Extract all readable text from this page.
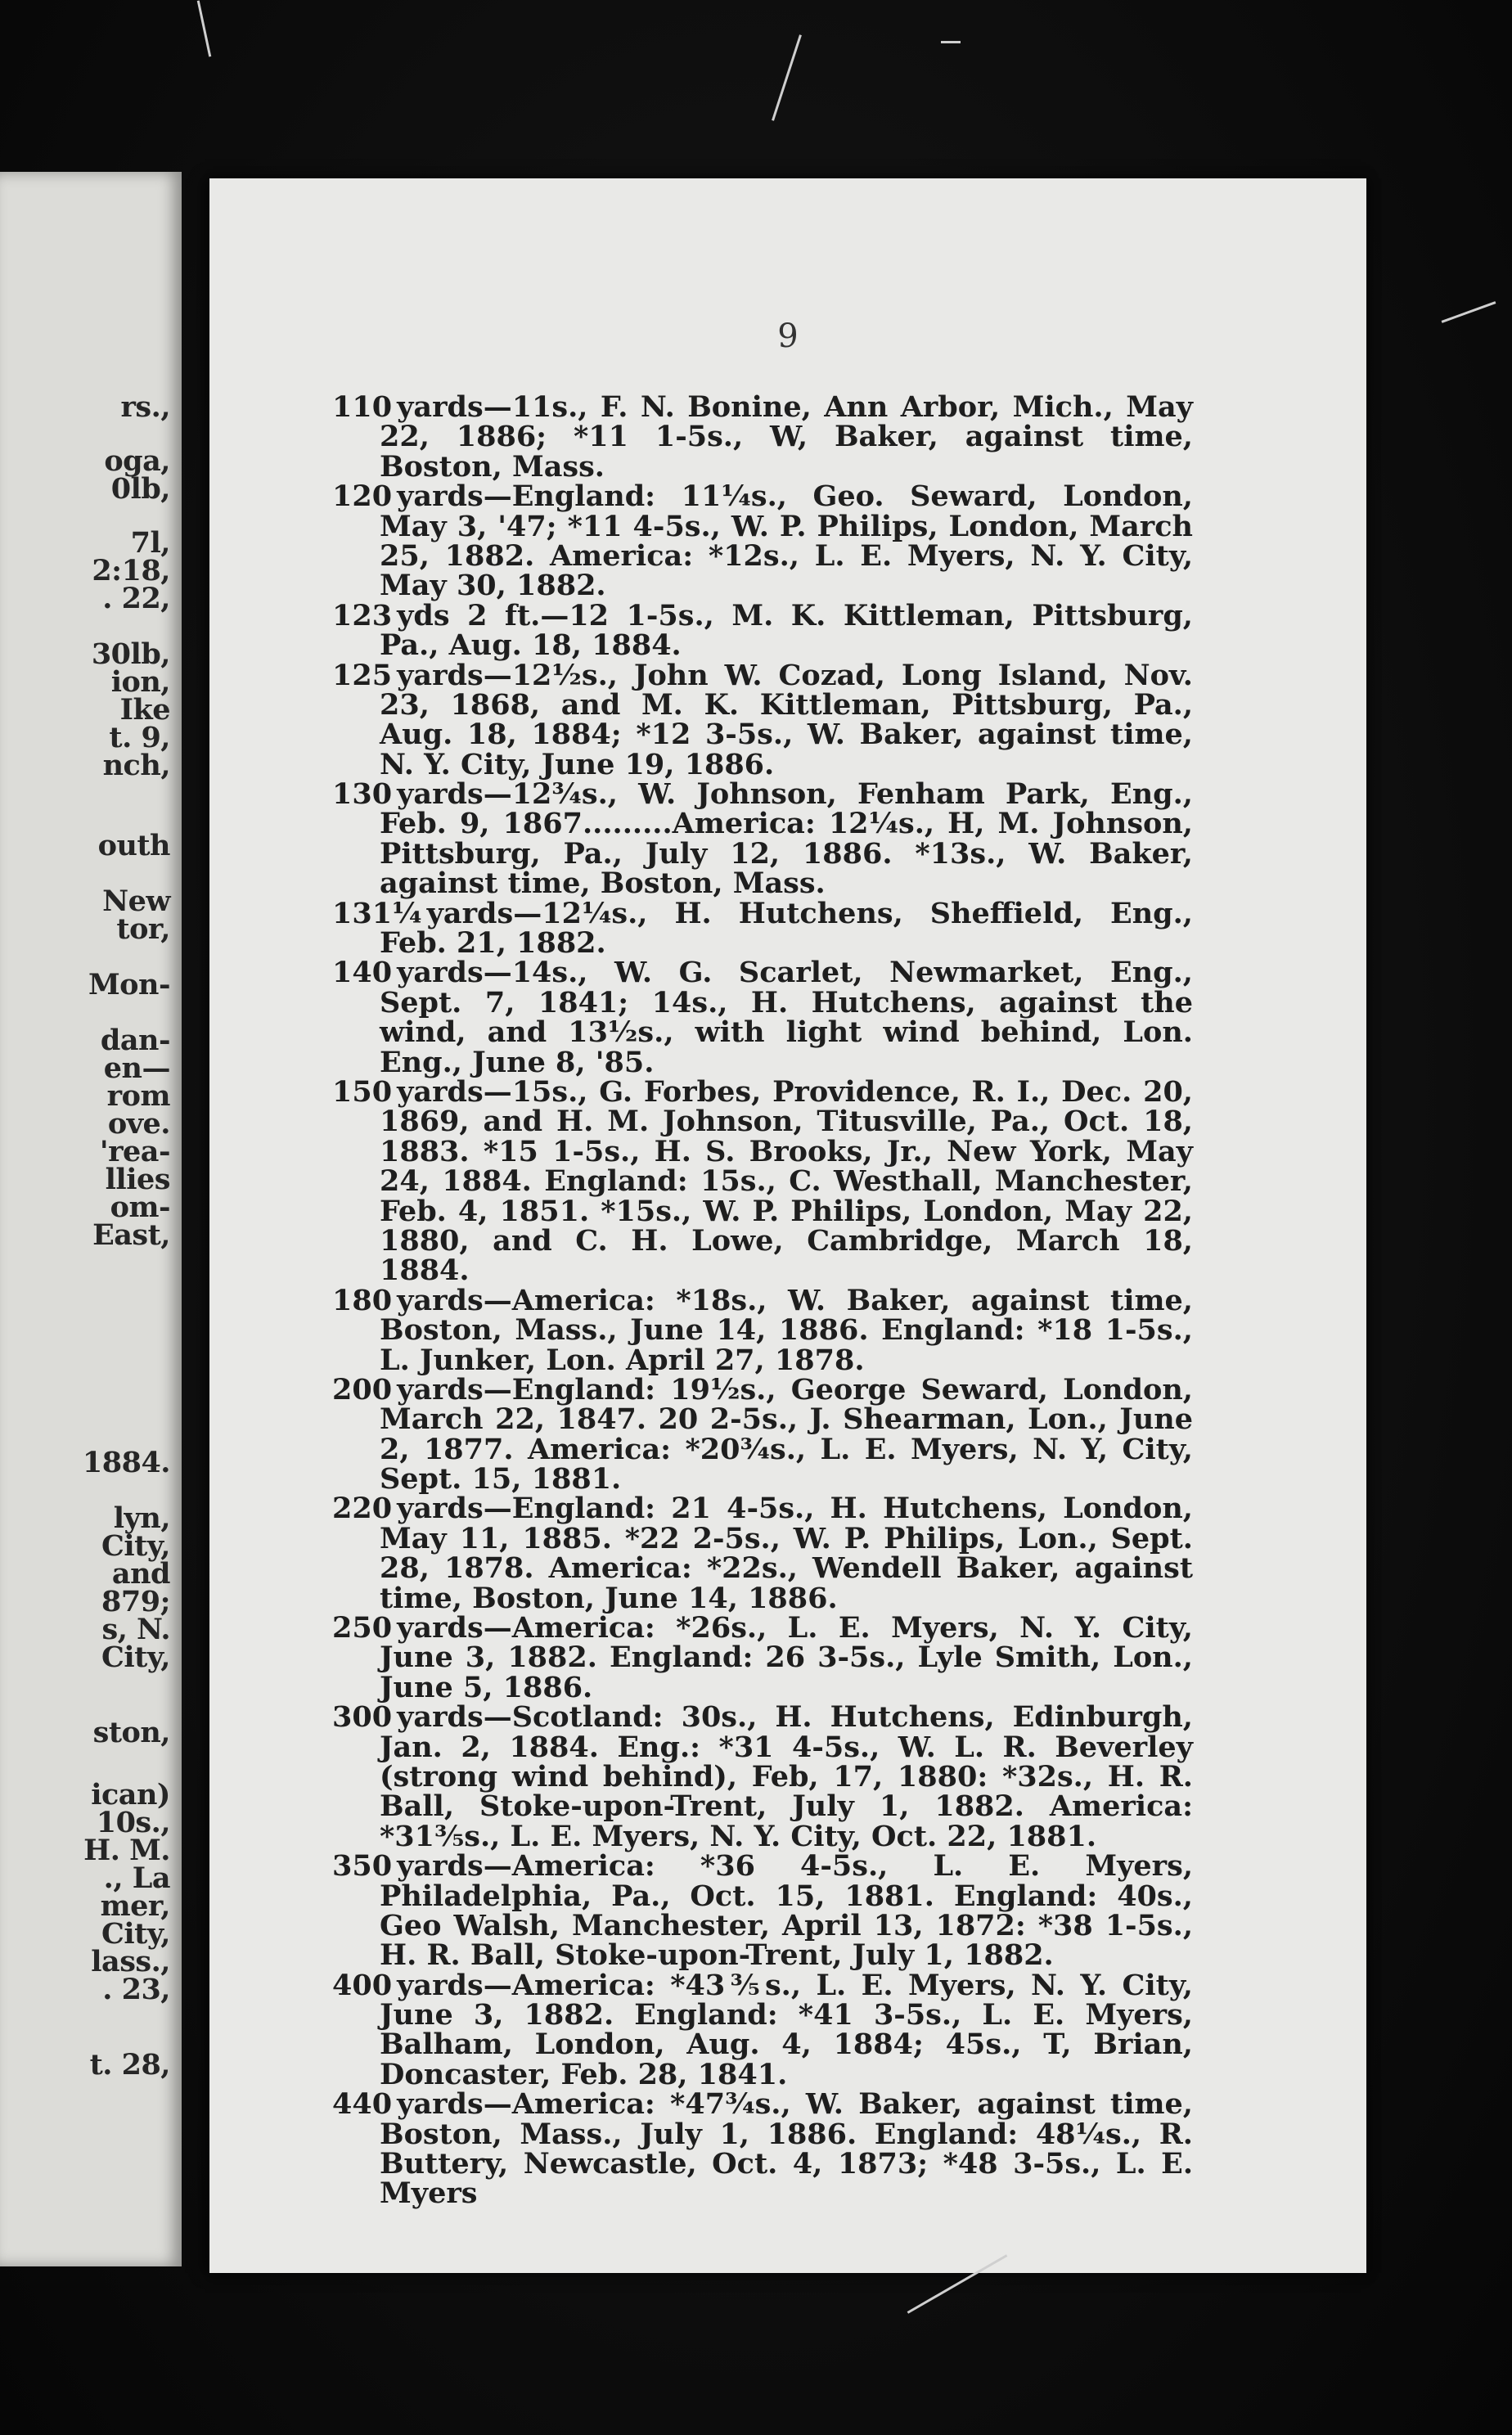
rs.,

oga,

0lb,

7l,

2:18,

. 22,

30lb,

ion,

Ike

t. 9,

nch,

outh

New

tor,

Mon-

dan-

en—

rom

ove.

'rea-

llies

om-

East,

1884.

lyn,

City,

and

879;

s, N.

City,

ston,

ican)

10s.,

H. M.

., La

mer,

City,

lass.,

. 23,

t. 28,

9

110 yards—11s., F. N. Bonine, Ann Arbor, Mich., May 22, 1886; *11 1-5s., W, Baker, against time, Boston, Mass.

120 yards—England: 11¼s., Geo. Seward, London, May 3, '47; *11 4-5s., W. P. Philips, London, March 25, 1882. America: *12s., L. E. Myers, N. Y. City, May 30, 1882.

123 yds 2 ft.—12 1-5s., M. K. Kittleman, Pittsburg, Pa., Aug. 18, 1884.

125 yards—12½s., John W. Cozad, Long Island, Nov. 23, 1868, and M. K. Kittleman, Pittsburg, Pa., Aug. 18, 1884; *12 3-5s., W. Baker, against time, N. Y. City, June 19, 1886.

130 yards—12¾s., W. Johnson, Fenham Park, Eng., Feb. 9, 1867.........America: 12¼s., H, M. Johnson, Pittsburg, Pa., July 12, 1886. *13s., W. Baker, against time, Boston, Mass.

131¼ yards—12¼s., H. Hutchens, Sheffield, Eng., Feb. 21, 1882.

140 yards—14s., W. G. Scarlet, Newmarket, Eng., Sept. 7, 1841; 14s., H. Hutchens, against the wind, and 13½s., with light wind behind, Lon. Eng., June 8, '85.

150 yards—15s., G. Forbes, Providence, R. I., Dec. 20, 1869, and H. M. Johnson, Titusville, Pa., Oct. 18, 1883. *15 1-5s., H. S. Brooks, Jr., New York, May 24, 1884. England: 15s., C. Westhall, Manchester, Feb. 4, 1851. *15s., W. P. Philips, London, May 22, 1880, and C. H. Lowe, Cambridge, March 18, 1884.

180 yards—America: *18s., W. Baker, against time, Boston, Mass., June 14, 1886. England: *18 1-5s., L. Junker, Lon. April 27, 1878.

200 yards—England: 19½s., George Seward, London, March 22, 1847. 20 2-5s., J. Shearman, Lon., June 2, 1877. America: *20¾s., L. E. Myers, N. Y, City, Sept. 15, 1881.

220 yards—England: 21 4-5s., H. Hutchens, London, May 11, 1885. *22 2-5s., W. P. Philips, Lon., Sept. 28, 1878. America: *22s., Wendell Baker, against time, Boston, June 14, 1886.

250 yards—America: *26s., L. E. Myers, N. Y. City, June 3, 1882. England: 26 3-5s., Lyle Smith, Lon., June 5, 1886.

300 yards—Scotland: 30s., H. Hutchens, Edinburgh, Jan. 2, 1884. Eng.: *31 4-5s., W. L. R. Beverley (strong wind behind), Feb, 17, 1880: *32s., H. R. Ball, Stoke-upon-Trent, July 1, 1882. America: *31⅗s., L. E. Myers, N. Y. City, Oct. 22, 1881.

350 yards—America: *36 4-5s., L. E. Myers, Philadelphia, Pa., Oct. 15, 1881. England: 40s., Geo Walsh, Manchester, April 13, 1872: *38 1-5s., H. R. Ball, Stoke-upon-Trent, July 1, 1882.

400 yards—America: *43⅗s., L. E. Myers, N. Y. City, June 3, 1882. England: *41 3-5s., L. E. Myers, Balham, London, Aug. 4, 1884; 45s., T, Brian, Doncaster, Feb. 28, 1841.

440 yards—America: *47¾s., W. Baker, against time, Boston, Mass., July 1, 1886. England: 48¼s., R. Buttery, Newcastle, Oct. 4, 1873; *48 3-5s., L. E. Myers
